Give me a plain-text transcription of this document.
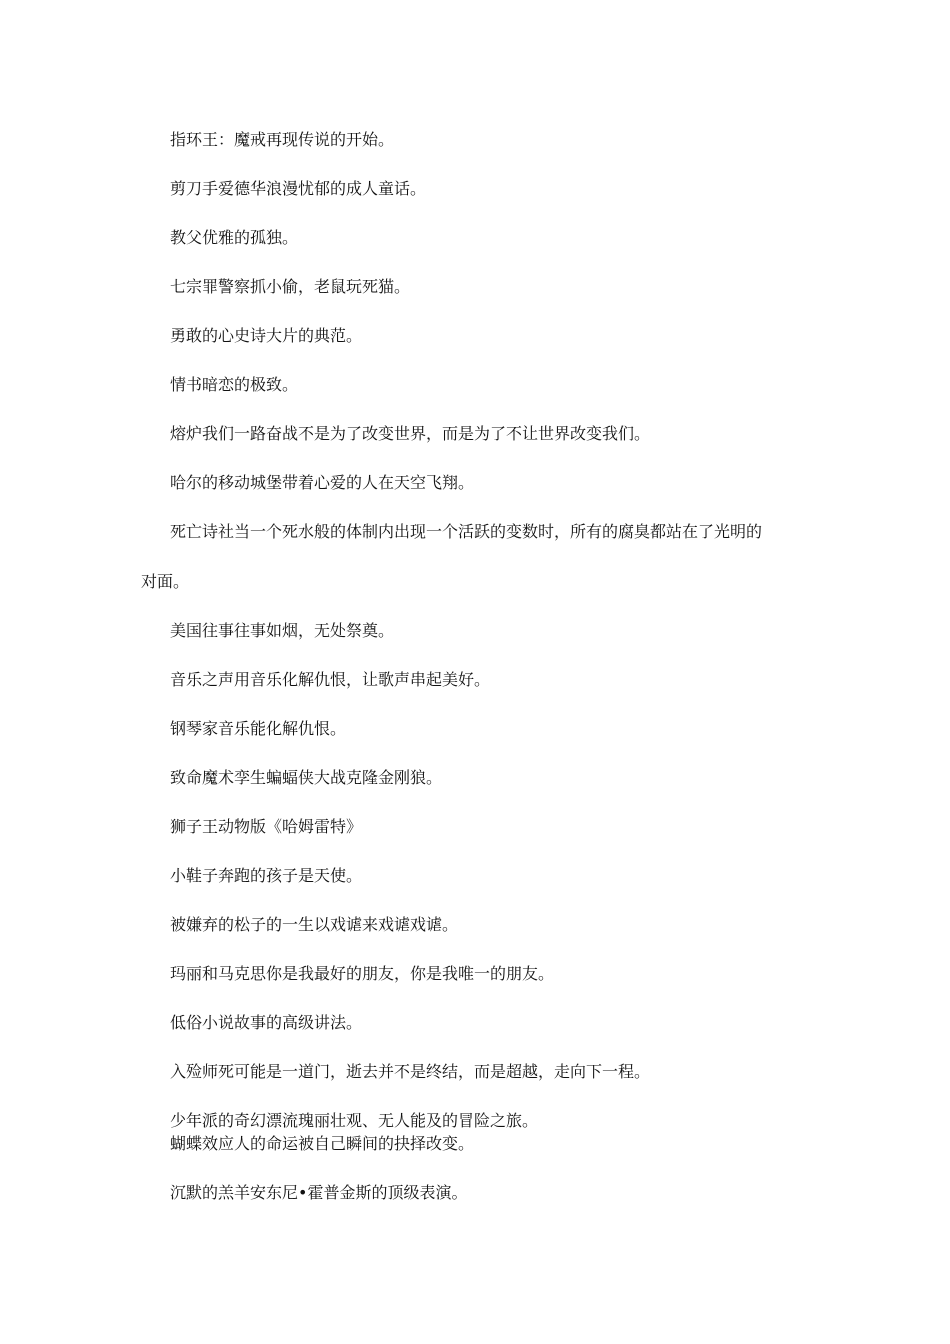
指环王：魔戒再现传说的开始。

剪刀手爱德华浪漫忧郁的成人童话。

教父优雅的孤独。

七宗罪警察抓小偷，老鼠玩死猫。

勇敢的心史诗大片的典范。

情书暗恋的极致。

熔炉我们一路奋战不是为了改变世界，而是为了不让世界改变我们。

哈尔的移动城堡带着心爱的人在天空飞翔。

死亡诗社当一个死水般的体制内出现一个活跃的变数时，所有的腐臭都站在了光明的

对面。

美国往事往事如烟，无处祭奠。

音乐之声用音乐化解仇恨，让歌声串起美好。

钢琴家音乐能化解仇恨。

致命魔术孪生蝙蝠侠大战克隆金刚狼。

狮子王动物版《哈姆雷特》

小鞋子奔跑的孩子是天使。

被嫌弃的松子的一生以戏谑来戏谑戏谑。

玛丽和马克思你是我最好的朋友，你是我唯一的朋友。

低俗小说故事的高级讲法。

入殓师死可能是一道门，逝去并不是终结，而是超越，走向下一程。

少年派的奇幻漂流瑰丽壮观、无人能及的冒险之旅。

蝴蝶效应人的命运被自己瞬间的抉择改变。

沉默的羔羊安东尼•霍普金斯的顶级表演。
